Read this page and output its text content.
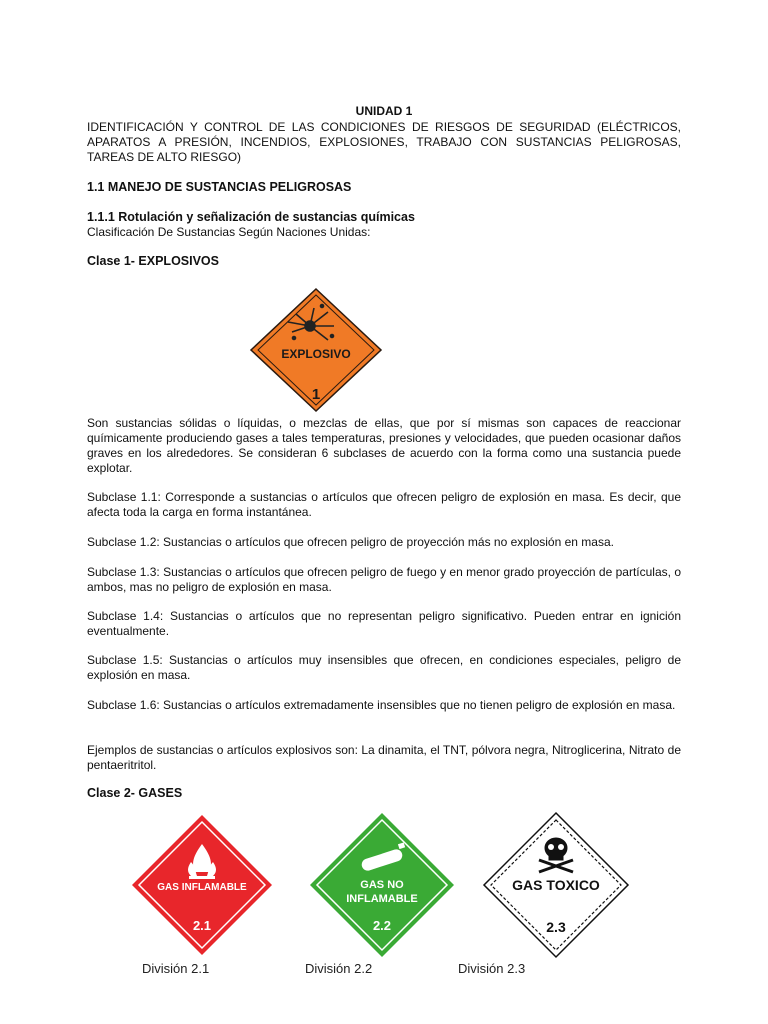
UNIDAD 1
IDENTIFICACIÓN Y CONTROL DE LAS CONDICIONES DE RIESGOS DE SEGURIDAD (ELÉCTRICOS, APARATOS A PRESIÓN, INCENDIOS, EXPLOSIONES, TRABAJO CON SUSTANCIAS PELIGROSAS, TAREAS DE ALTO RIESGO)
1.1 MANEJO DE SUSTANCIAS PELIGROSAS
1.1.1 Rotulación y señalización de sustancias químicas
Clasificación De Sustancias Según Naciones Unidas:
Clase 1- EXPLOSIVOS
EXPLOSIVO
1

Son sustancias sólidas o líquidas, o mezclas de ellas, que por sí mismas son capaces de reaccionar químicamente produciendo gases a tales temperaturas, presiones y velocidades, que pueden ocasionar daños graves en los alrededores. Se consideran 6 subclases de acuerdo con la forma como una sustancia puede explotar.

Subclase 1.1: Corresponde a sustancias o artículos que ofrecen peligro de explosión en masa. Es decir, que afecta toda la carga en forma instantánea.

Subclase 1.2: Sustancias o artículos que ofrecen peligro de proyección más no explosión en masa.

Subclase 1.3: Sustancias o artículos que ofrecen peligro de fuego y en menor grado proyección de partículas, o ambos, mas no peligro de explosión en masa.

Subclase 1.4: Sustancias o artículos que no representan peligro significativo. Pueden entrar en ignición eventualmente.

Subclase 1.5: Sustancias o artículos muy insensibles que ofrecen, en condiciones especiales, peligro de explosión en masa.

Subclase 1.6: Sustancias o artículos extremadamente insensibles que no tienen peligro de explosión en masa.

Ejemplos de sustancias o artículos explosivos son: La dinamita, el TNT, pólvora negra, Nitroglicerina, Nitrato de pentaeritritol.

Clase 2- GASES
GAS INFLAMABLE
2.1
GAS NO
INFLAMABLE
2.2
GAS TOXICO
2.3
División 2.1	División 2.2	División 2.3
